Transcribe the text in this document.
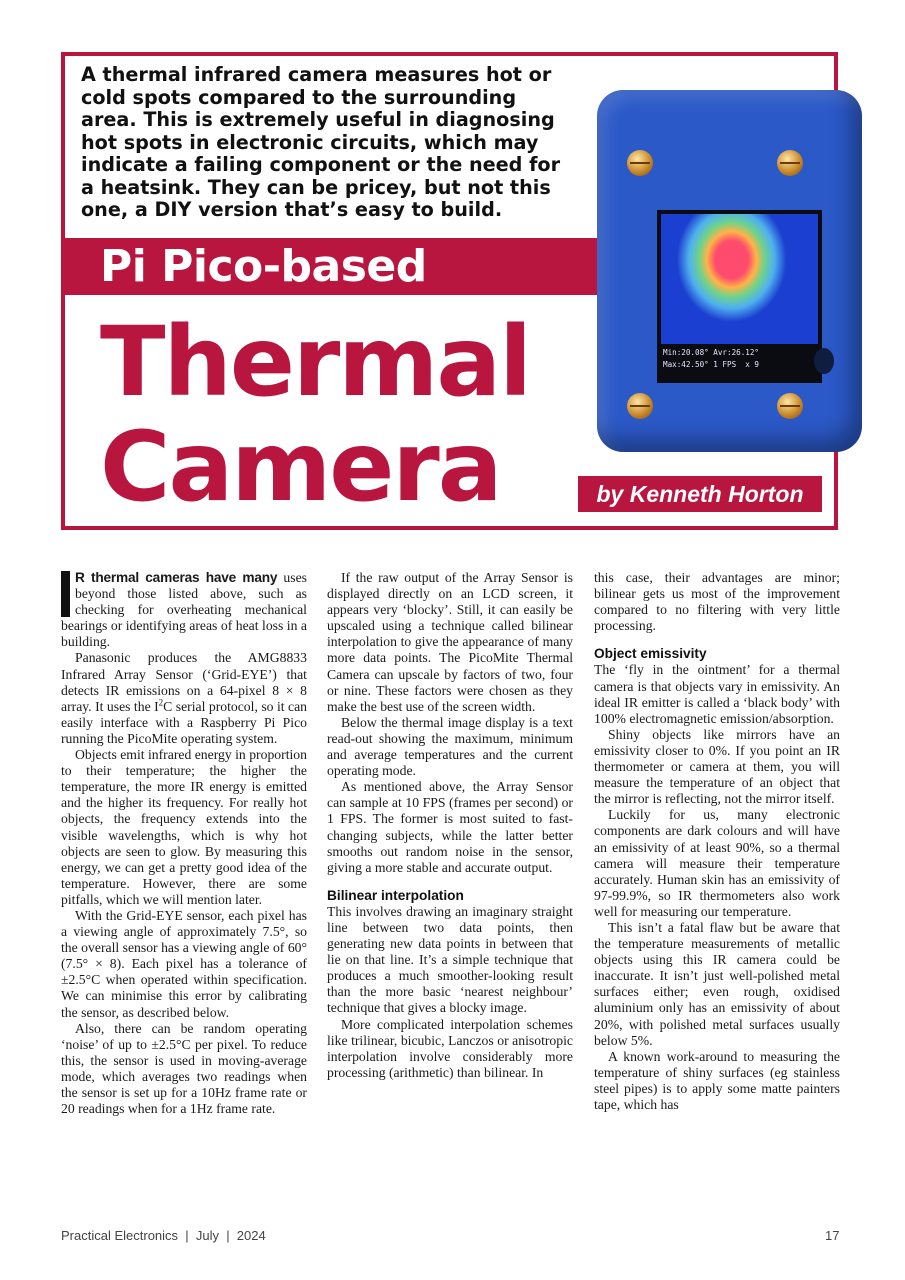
A thermal infrared camera measures hot or cold spots compared to the surrounding area. This is extremely useful in diagnosing hot spots in electronic circuits, which may indicate a failing component or the need for a heatsink. They can be pricey, but not this one, a DIY version that’s easy to build.

Pi Pico-based
Thermal
Camera	by Kenneth Horton
Min:20.08° Avr:26.12°
Max:42.50° 1 FPS  x 9

R thermal cameras have many uses beyond those listed above, such as checking for overheating mechanical bearings or identifying areas of heat loss in a building.

Panasonic produces the AMG8833 Infrared Array Sensor (‘Grid-EYE’) that detects IR emissions on a 64-pixel 8 × 8 array. It uses the $I^2C$ serial protocol, so it can easily interface with a Raspberry Pi Pico running the PicoMite operating system.

Objects emit infrared energy in proportion to their temperature; the higher the temperature, the more IR energy is emitted and the higher its frequency. For really hot objects, the frequency extends into the visible wavelengths, which is why hot objects are seen to glow. By measuring this energy, we can get a pretty good idea of the temperature. However, there are some pitfalls, which we will mention later.

With the Grid-EYE sensor, each pixel has a viewing angle of approximately 7.5°, so the overall sensor has a viewing angle of 60° (7.5° × 8). Each pixel has a tolerance of ±2.5°C when operated within specification. We can minimise this error by calibrating the sensor, as described below.

Also, there can be random operating ‘noise’ of up to ±2.5°C per pixel. To reduce this, the sensor is used in moving-average mode, which averages two readings when the sensor is set up for a 10Hz frame rate or 20 readings when for a 1Hz frame rate.

If the raw output of the Array Sensor is displayed directly on an LCD screen, it appears very ‘blocky’. Still, it can easily be upscaled using a technique called bilinear interpolation to give the appearance of many more data points. The PicoMite Thermal Camera can upscale by factors of two, four or nine. These factors were chosen as they make the best use of the screen width.

Below the thermal image display is a text read-out showing the maximum, minimum and average temperatures and the current operating mode.

As mentioned above, the Array Sensor can sample at 10 FPS (frames per second) or 1 FPS. The former is most suited to fast-changing subjects, while the latter better smooths out random noise in the sensor, giving a more stable and accurate output.

Bilinear interpolation

This involves drawing an imaginary straight line between two data points, then generating new data points in between that lie on that line. It’s a simple technique that produces a much smoother-looking result than the more basic ‘nearest neighbour’ technique that gives a blocky image.

More complicated interpolation schemes like trilinear, bicubic, Lanczos or anisotropic interpolation involve considerably more processing (arithmetic) than bilinear. In

this case, their advantages are minor; bilinear gets us most of the improvement compared to no filtering with very little processing.

Object emissivity

The ‘fly in the ointment’ for a thermal camera is that objects vary in emissivity. An ideal IR emitter is called a ‘black body’ with 100% electromagnetic emission/absorption.

Shiny objects like mirrors have an emissivity closer to 0%. If you point an IR thermometer or camera at them, you will measure the temperature of an object that the mirror is reflecting, not the mirror itself.

Luckily for us, many electronic components are dark colours and will have an emissivity of at least 90%, so a thermal camera will measure their temperature accurately. Human skin has an emissivity of 97-99.9%, so IR thermometers also work well for measuring our temperature.

This isn’t a fatal flaw but be aware that the temperature measurements of metallic objects using this IR camera could be inaccurate. It isn’t just well-polished metal surfaces either; even rough, oxidised aluminium only has an emissivity of about 20%, with polished metal surfaces usually below 5%.

A known work-around to measuring the temperature of shiny surfaces (eg stainless steel pipes) is to apply some matte painters tape, which has

Practical Electronics  |  July  |  2024	17
